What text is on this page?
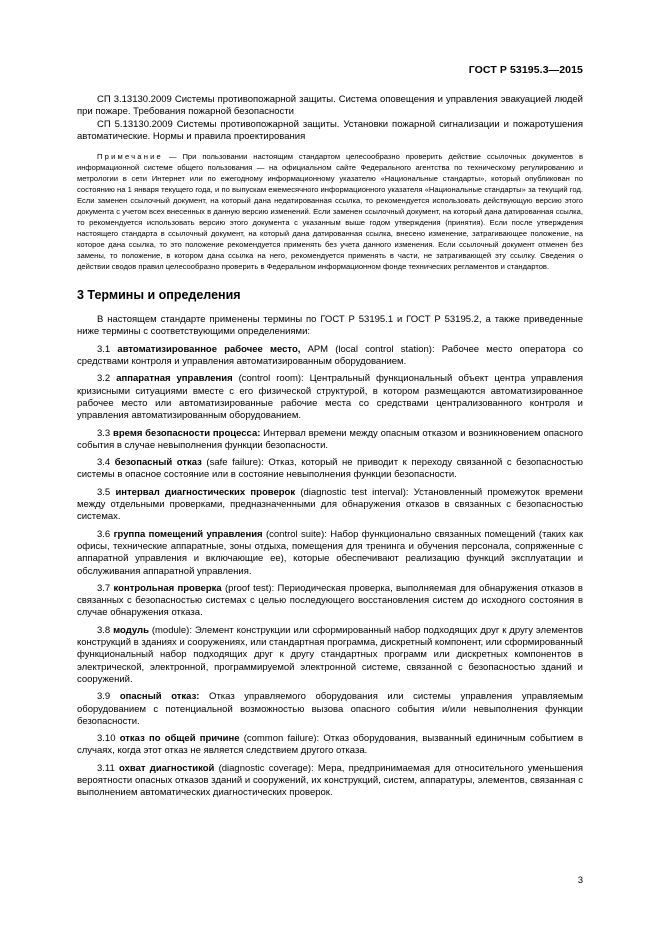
ГОСТ Р 53195.3—2015

СП 3.13130.2009 Системы противопожарной защиты. Система оповещения и управления эвакуацией людей при пожаре. Требования пожарной безопасности

СП 5.13130.2009 Системы противопожарной защиты. Установки пожарной сигнализации и пожаротушения автоматические. Нормы и правила проектирования

Примечание — При пользовании настоящим стандартом целесообразно проверить действие ссылочных документов в информационной системе общего пользования — на официальном сайте Федерального агентства по техническому регулированию и метрологии в сети Интернет или по ежегодному информационному указателю «Национальные стандарты», который опубликован по состоянию на 1 января текущего года, и по выпускам ежемесячного информационного указателя «Национальные стандарты» за текущий год. Если заменен ссылочный документ, на который дана недатированная ссылка, то рекомендуется использовать действующую версию этого документа с учетом всех внесенных в данную версию изменений. Если заменен ссылочный документ, на который дана датированная ссылка, то рекомендуется использовать версию этого документа с указанным выше годом утверждения (принятия). Если после утверждения настоящего стандарта в ссылочный документ, на который дана датированная ссылка, внесено изменение, затрагивающее положение, на которое дана ссылка, то это положение рекомендуется применять без учета данного изменения. Если ссылочный документ отменен без замены, то положение, в котором дана ссылка на него, рекомендуется применять в части, не затрагивающей эту ссылку. Сведения о действии сводов правил целесообразно проверить в Федеральном информационном фонде технических регламентов и стандартов.

3 Термины и определения

В настоящем стандарте применены термины по ГОСТ Р 53195.1 и ГОСТ Р 53195.2, а также приведенные ниже термины с соответствующими определениями:

3.1 автоматизированное рабочее место, АРМ (local control station): Рабочее место оператора со средствами контроля и управления автоматизированным оборудованием.

3.2 аппаратная управления (control room): Центральный функциональный объект центра управления кризисными ситуациями вместе с его физической структурой, в котором размещаются автоматизированное рабочее место или автоматизированные рабочие места со средствами централизованного контроля и управления автоматизированным оборудованием.

3.3 время безопасности процесса: Интервал времени между опасным отказом и возникновением опасного события в случае невыполнения функции безопасности.

3.4 безопасный отказ (safe failure): Отказ, который не приводит к переходу связанной с безопасностью системы в опасное состояние или в состояние невыполнения функции безопасности.

3.5 интервал диагностических проверок (diagnostic test interval): Установленный промежуток времени между отдельными проверками, предназначенными для обнаружения отказов в связанных с безопасностью системах.

3.6 группа помещений управления (control suite): Набор функционально связанных помещений (таких как офисы, технические аппаратные, зоны отдыха, помещения для тренинга и обучения персонала, сопряженные с аппаратной управления и включающие ее), которые обеспечивают реализацию функций эксплуатации и обслуживания аппаратной управления.

3.7 контрольная проверка (proof test): Периодическая проверка, выполняемая для обнаружения отказов в связанных с безопасностью системах с целью последующего восстановления систем до исходного состояния в случае обнаружения отказа.

3.8 модуль (module): Элемент конструкции или сформированный набор подходящих друг к другу элементов конструкций в зданиях и сооружениях, или стандартная программа, дискретный компонент, или сформированный функциональный набор подходящих друг к другу стандартных программ или дискретных компонентов в электрической, электронной, программируемой электронной системе, связанной с безопасностью зданий и сооружений.

3.9 опасный отказ: Отказ управляемого оборудования или системы управления управляемым оборудованием с потенциальной возможностью вызова опасного события и/или невыполнения функции безопасности.

3.10 отказ по общей причине (common failure): Отказ оборудования, вызванный единичным событием в случаях, когда этот отказ не является следствием другого отказа.

3.11 охват диагностикой (diagnostic coverage): Мера, предпринимаемая для относительного уменьшения вероятности опасных отказов зданий и сооружений, их конструкций, систем, аппаратуры, элементов, связанная с выполнением автоматических диагностических проверок.

3
